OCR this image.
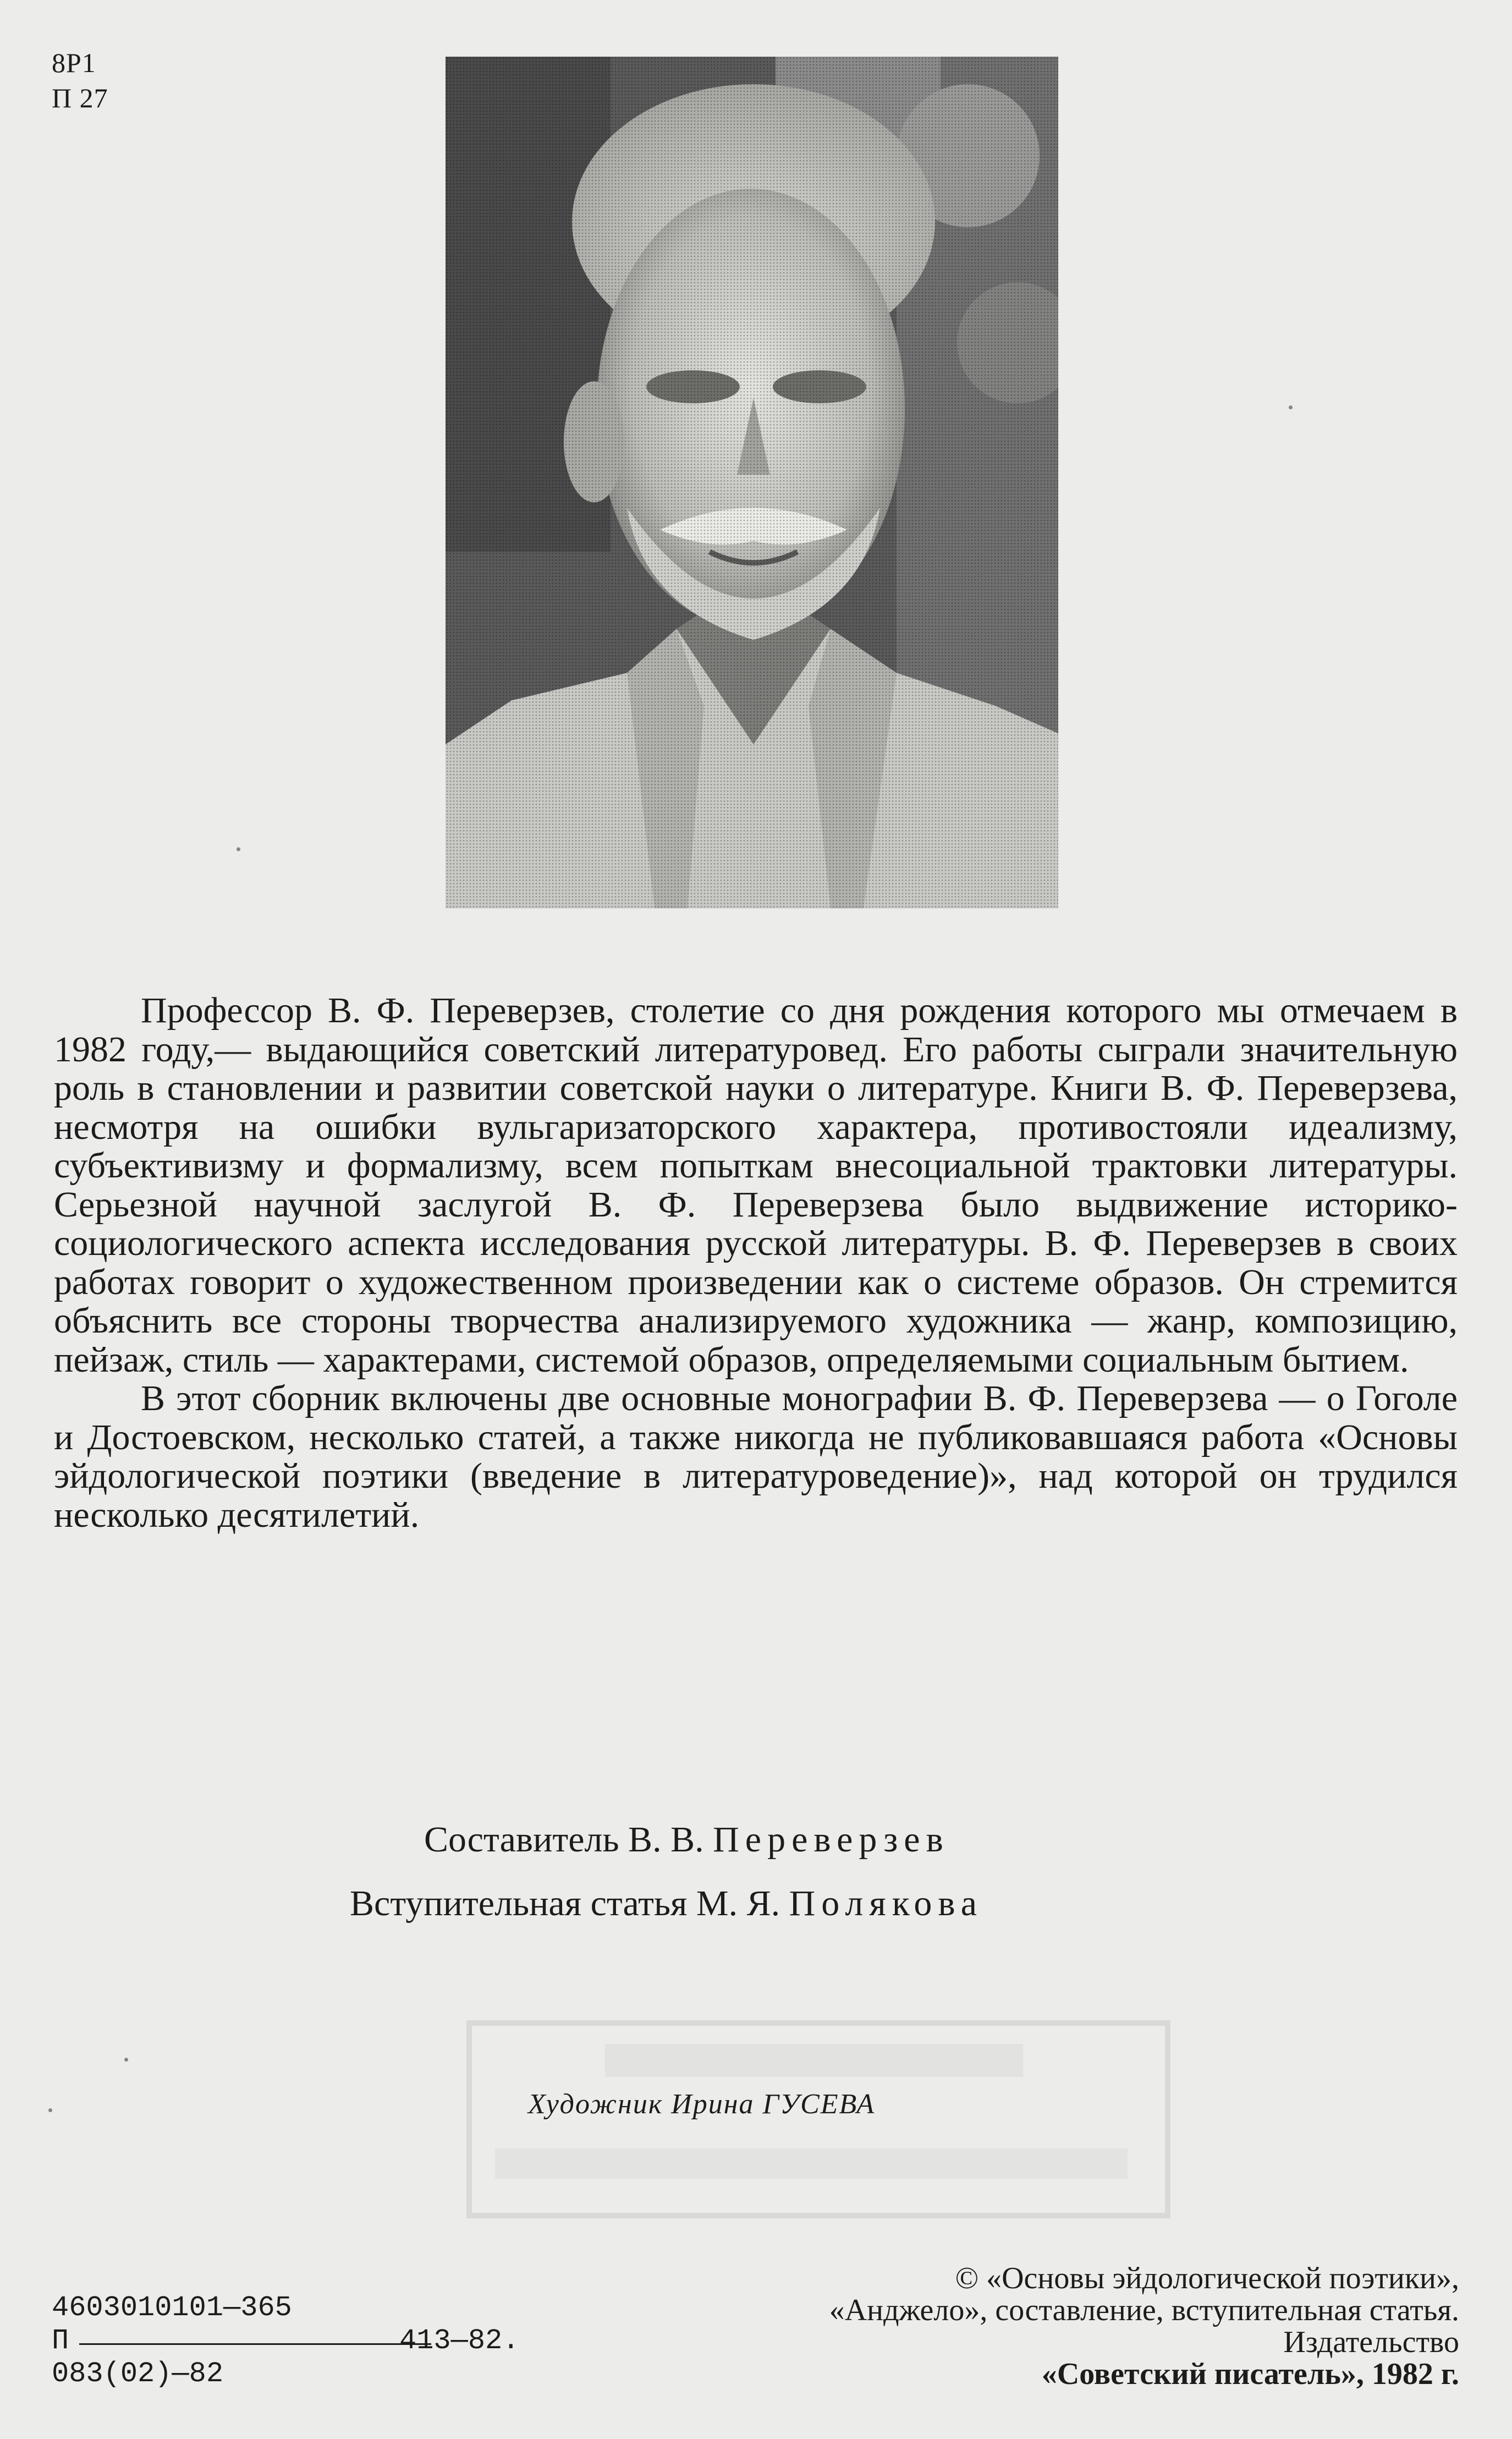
8Р1
П 27

Профессор В. Ф. Переверзев, столетие со дня рождения которого мы отмечаем в 1982 году,— выдающийся советский литературовед. Его работы сыграли значительную роль в становлении и развитии советской науки о литературе. Книги В. Ф. Переверзева, несмотря на ошибки вульгаризаторского характера, противостояли идеализму, субъективизму и формализму, всем попыткам внесоциальной трактовки литературы. Серьезной научной заслугой В. Ф. Переверзева было выдвижение историко-социологического аспекта исследования русской литературы. В. Ф. Переверзев в своих работах говорит о художественном произведении как о системе образов. Он стремится объяснить все стороны творчества анализируемого художника — жанр, композицию, пейзаж, стиль — характерами, системой образов, определяемыми социальным бытием.

В этот сборник включены две основные монографии В. Ф. Переверзева — о Гоголе и Достоевском, несколько статей, а также никогда не публиковавшаяся работа «Основы эйдологической поэтики (введение в литературоведение)», над которой он трудился несколько десятилетий.

Составитель В. В. Переверзев
Вступительная статья М. Я. Полякова
Художник Ирина ГУСЕВА
4603010101—365
П	413—82.
083(02)—82
© «Основы эйдологической поэтики»,
«Анджело», составление, вступительная статья.
Издательство
«Советский писатель», 1982 г.
